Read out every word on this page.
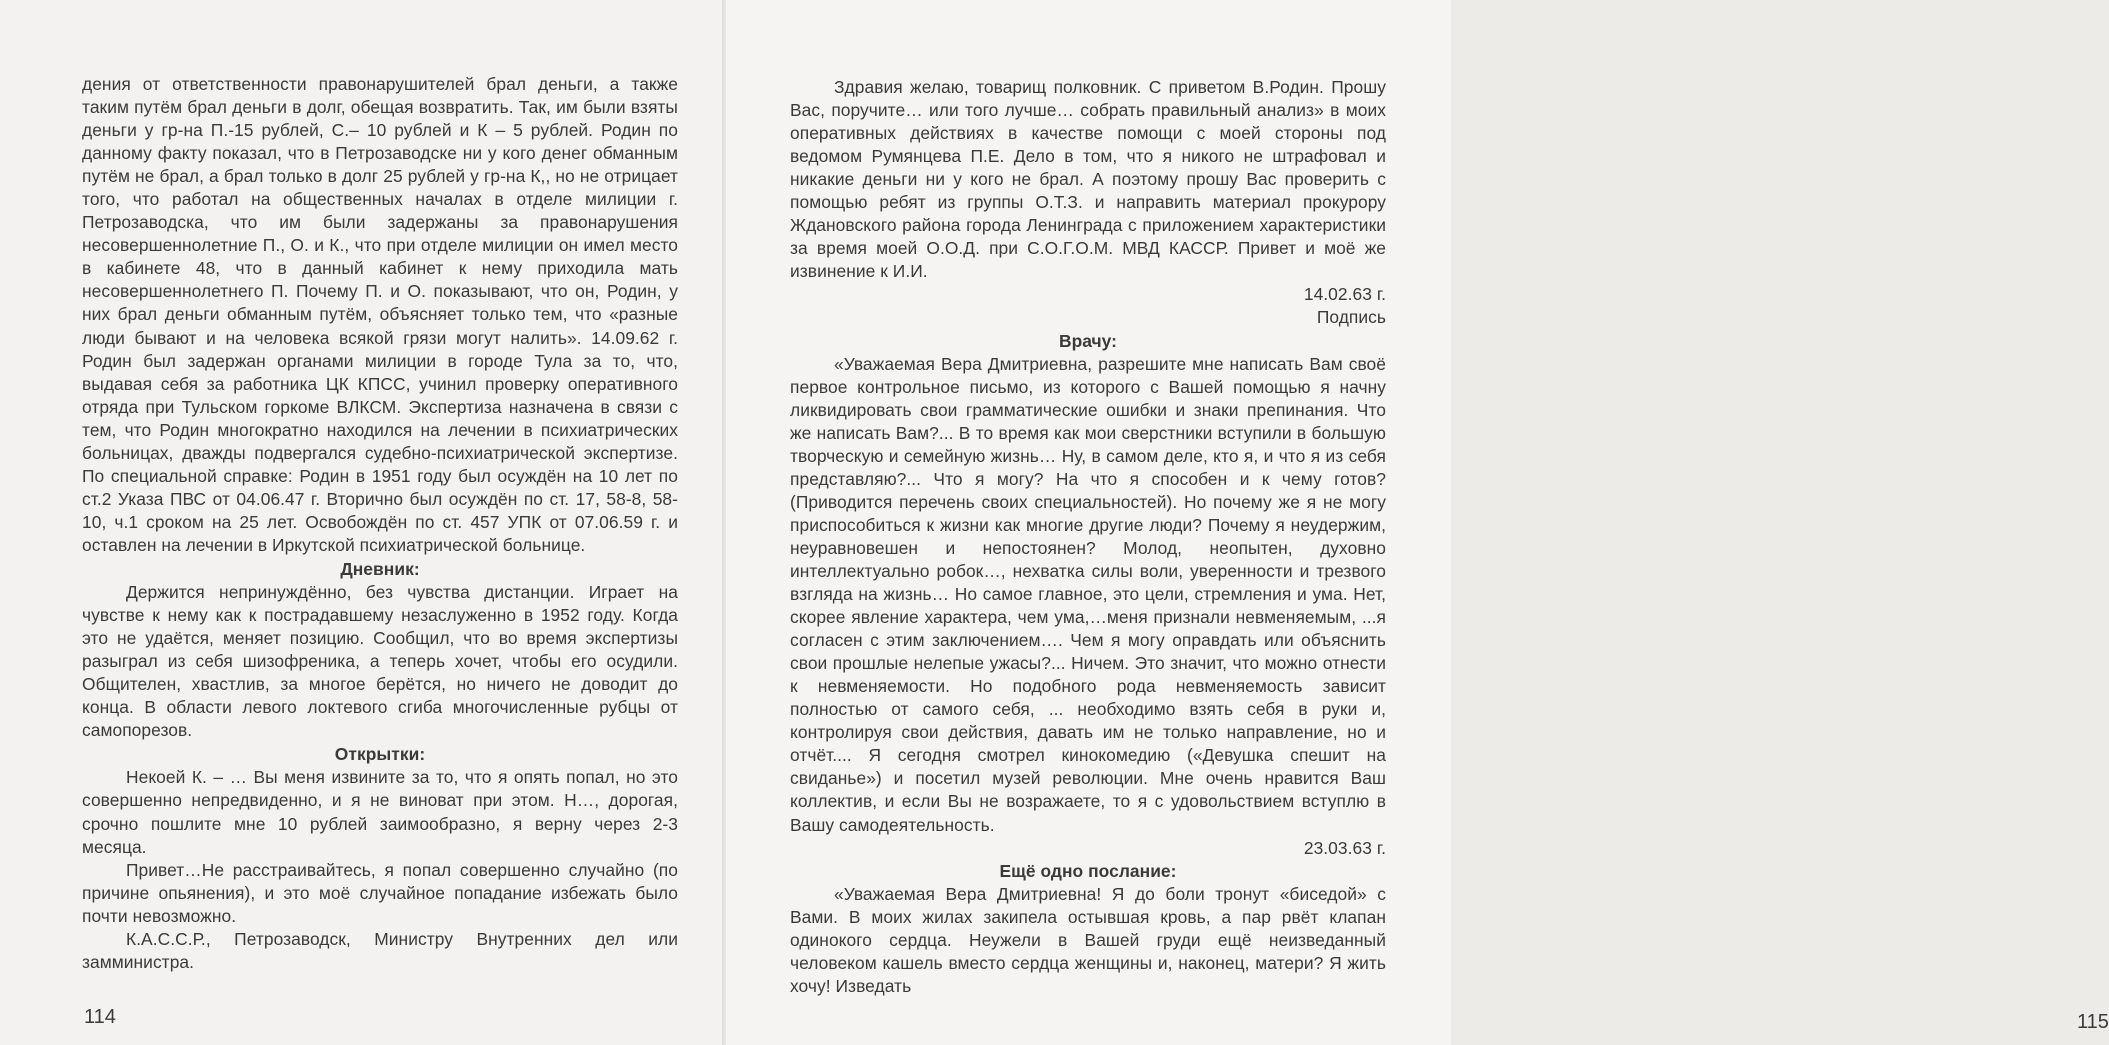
дения от ответственности правонарушителей брал деньги, а также таким путём брал деньги в долг, обещая возвратить. Так, им были взяты деньги у гр-на П.-15 рублей, С.– 10 рублей и К – 5 рублей. Родин по данному факту показал, что в Петрозаводске ни у кого денег обманным путём не брал, а брал только в долг 25 рублей у гр-на К,, но не отрицает того, что работал на общественных началах в отделе милиции г. Петрозаводска, что им были задержаны за правонарушения несовершеннолетние П., О. и К., что при отделе милиции он имел место в кабинете 48, что в данный кабинет к нему приходила мать несовершеннолетнего П. Почему П. и О. показывают, что он, Родин, у них брал деньги обманным путём, объясняет только тем, что «разные люди бывают и на человека всякой грязи могут налить». 14.09.62 г. Родин был задержан органами милиции в городе Тула за то, что, выдавая себя за работника ЦК КПСС, учинил проверку оперативного отряда при Тульском горкоме ВЛКСМ. Экспертиза назначена в связи с тем, что Родин многократно находился на лечении в психиатрических больницах, дважды подвергался судебно-психиатрической экспертизе. По специальной справке: Родин в 1951 году был осуждён на 10 лет по ст.2 Указа ПВС от 04.06.47 г. Вторично был осуждён по ст. 17, 58-8, 58-10, ч.1 сроком на 25 лет. Освобождён по ст. 457 УПК от 07.06.59 г. и оставлен на лечении в Иркутской психиатрической больнице.

Дневник:

Держится непринуждённо, без чувства дистанции. Играет на чувстве к нему как к пострадавшему незаслуженно в 1952 году. Когда это не удаётся, меняет позицию. Сообщил, что во время экспертизы разыграл из себя шизофреника, а теперь хочет, чтобы его осудили. Общителен, хвастлив, за многое берётся, но ничего не доводит до конца. В области левого локтевого сгиба многочисленные рубцы от самопорезов.

Открытки:

Некоей К. – … Вы меня извините за то, что я опять попал, но это совершенно непредвиденно, и я не виноват при этом. Н…, дорогая, срочно пошлите мне 10 рублей заимообразно, я верну через 2-3 месяца.

Привет…Не расстраивайтесь, я попал совершенно случайно (по причине опьянения), и это моё случайное попадание избежать было почти невозможно.

К.А.С.С.Р., Петрозаводск, Министру Внутренних дел или замминистра.

114

Здравия желаю, товарищ полковник. С приветом В.Родин. Прошу Вас, поручите… или того лучше… собрать правильный анализ» в моих оперативных действиях в качестве помощи с моей стороны под ведомом Румянцева П.Е. Дело в том, что я никого не штрафовал и никакие деньги ни у кого не брал. А поэтому прошу Вас проверить с помощью ребят из группы О.Т.З. и направить материал прокурору Ждановского района города Ленинграда с приложением характеристики за время моей О.О.Д. при С.О.Г.О.М. МВД КАССР. Привет и моё же извинение к И.И.

14.02.63 г.

Подпись

Врачу:

«Уважаемая Вера Дмитриевна, разрешите мне написать Вам своё первое контрольное письмо, из которого с Вашей помощью я начну ликвидировать свои грамматические ошибки и знаки препинания. Что же написать Вам?... В то время как мои сверстники вступили в большую творческую и семейную жизнь… Ну, в самом деле, кто я, и что я из себя представляю?... Что я могу? На что я способен и к чему готов? (Приводится перечень своих специальностей). Но почему же я не могу приспособиться к жизни как многие другие люди? Почему я неудержим, неуравновешен и непостоянен? Молод, неопытен, духовно интеллектуально робок…, нехватка силы воли, уверенности и трезвого взгляда на жизнь… Но самое главное, это цели, стремления и ума. Нет, скорее явление характера, чем ума,…меня признали невменяемым, ...я согласен с этим заключением…. Чем я могу оправдать или объяснить свои прошлые нелепые ужасы?... Ничем. Это значит, что можно отнести к невменяемости. Но подобного рода невменяемость зависит полностью от самого себя, ... необходимо взять себя в руки и, контролируя свои действия, давать им не только направление, но и отчёт.... Я сегодня смотрел кинокомедию («Девушка спешит на свиданье») и посетил музей революции. Мне очень нравится Ваш коллектив, и если Вы не возражаете, то я с удовольствием вступлю в Вашу самодеятельность.

23.03.63 г.

Ещё одно послание:

«Уважаемая Вера Дмитриевна! Я до боли тронут «биседой» с Вами. В моих жилах закипела остывшая кровь, а пар рвёт клапан одинокого сердца. Неужели в Вашей груди ещё неизведанный человеком кашель вместо сердца женщины и, наконец, матери? Я жить хочу! Изведать

115
